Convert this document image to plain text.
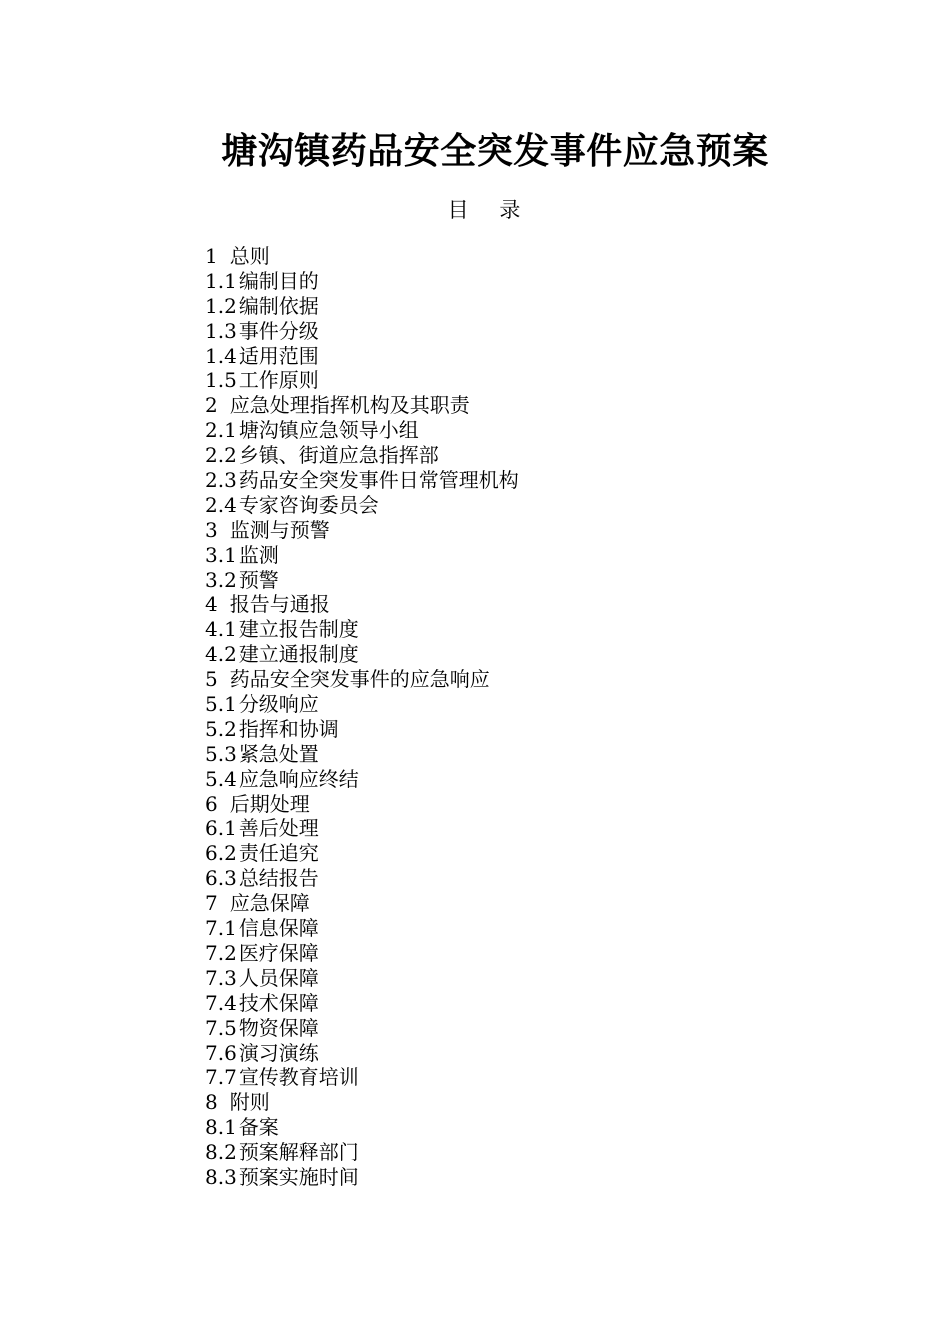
塘沟镇药品安全突发事件应急预案
目 录
1 总则
1.1 编制目的
1.2 编制依据
1.3 事件分级
1.4 适用范围
1.5 工作原则
2 应急处理指挥机构及其职责
2.1 塘沟镇应急领导小组
2.2 乡镇、街道应急指挥部
2.3 药品安全突发事件日常管理机构
2.4 专家咨询委员会
3 监测与预警
3.1 监测
3.2 预警
4 报告与通报
4.1 建立报告制度
4.2 建立通报制度
5 药品安全突发事件的应急响应
5.1 分级响应
5.2 指挥和协调
5.3 紧急处置
5.4 应急响应终结
6 后期处理
6.1 善后处理
6.2 责任追究
6.3 总结报告
7 应急保障
7.1 信息保障
7.2 医疗保障
7.3 人员保障
7.4 技术保障
7.5 物资保障
7.6 演习演练
7.7 宣传教育培训
8 附则
8.1 备案
8.2 预案解释部门
8.3 预案实施时间
